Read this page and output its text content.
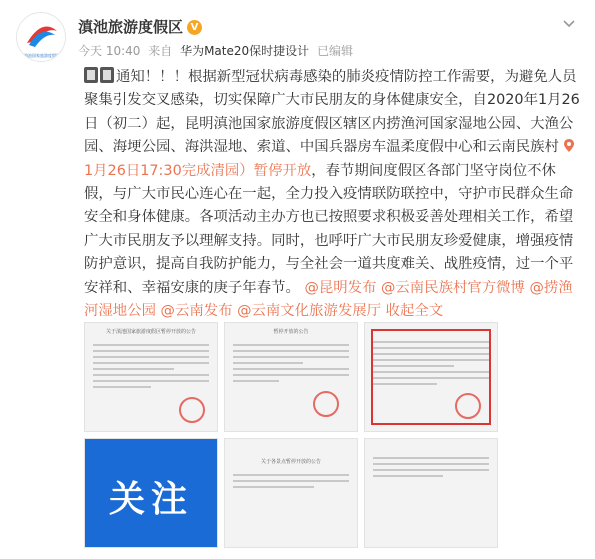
滇池国家旅游度假区
滇池旅游度假区 V
今天 10:40 来自 华为Mate20保时捷设计 已编辑
通知！！！根据新型冠状病毒感染的肺炎疫情防控工作需要，为避免人员聚集引发交叉感染，切实保障广大市民朋友的身体健康安全，自2020年1月26日（初二）起，昆明滇池国家旅游度假区辖区内捞渔河国家湿地公园、大渔公园、海埂公园、海洪湿地、索道、中国兵器房车温柔度假中心和云南民族村 1月26日17:30完成清园）暂停开放，春节期间度假区各部门坚守岗位不休假，与广大市民心连心在一起，全力投入疫情联防联控中，守护市民群众生命安全和身体健康。各项活动主办方也已按照要求积极妥善处理相关工作，希望广大市民朋友予以理解支持。同时，也呼吁广大市民朋友珍爱健康，增强疫情防护意识，提高自我防护能力，与全社会一道共度难关、战胜疫情，过一个平安祥和、幸福安康的庚子年春节。 @昆明发布 @云南民族村官方微博 @捞渔河湿地公园 @云南发布 @云南文化旅游发展厅 收起全文
关于滇池国家旅游度假区暂停开放的公告	暂停开放的公告
关注
关于各景点暂停开放的公告
